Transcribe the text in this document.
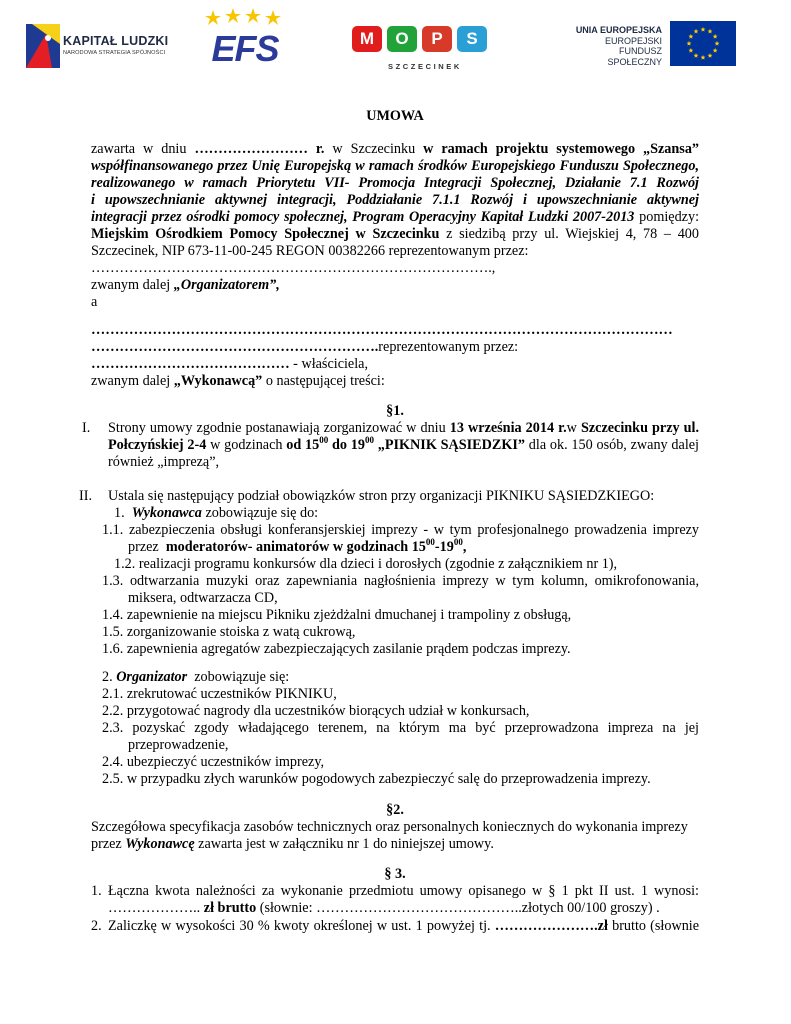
KAPITAŁ LUDZKI
NARODOWA STRATEGIA SPÓJNOŚCI	EFS	M	O	P	S
SZCZECINEK
UNIA EUROPEJSKA
EUROPEJSKI
FUNDUSZ SPOŁECZNY
UMOWA
zawarta w dniu …………………… r. w Szczecinku w ramach projektu systemowego „Szansa”
współfinansowanego przez Unię Europejską w ramach środków Europejskiego Funduszu Społecznego,
realizowanego w ramach Priorytetu VII- Promocja Integracji Społecznej, Działanie 7.1 Rozwój
i upowszechnianie aktywnej integracji, Poddziałanie 7.1.1 Rozwój i upowszechnianie aktywnej
integracji przez ośrodki pomocy społecznej, Program Operacyjny Kapitał Ludzki 2007-2013 pomiędzy:
Miejskim Ośrodkiem Pomocy Społecznej w Szczecinku z siedzibą przy ul. Wiejskiej 4, 78 – 400
Szczecinek, NIP 673-11-00-245 REGON 00382266 reprezentowanym przez:
………………………………………………………………………….,
zwanym dalej „Organizatorem”,
a
……………………………………………………………………………………………………………
…………………………………………………….reprezentowanym przez:
…………………………………… - właściciela,
zwanym dalej „Wykonawcą” o następującej treści:
§1.
I. Strony umowy zgodnie postanawiają zorganizować w dniu 13 września 2014 r.w Szczecinku przy ul.
Połczyńskiej 2-4 w godzinach od $15^{00}$ do $19^{00}$ „PIKNIK SĄSIEDZKI” dla ok. 150 osób, zwany dalej
również „imprezą”,
II. Ustala się następujący podział obowiązków stron przy organizacji PIKNIKU SĄSIEDZKIEGO:
1. Wykonawca zobowiązuje się do:
1.1. zabezpieczenia obsługi konferansjerskiej imprezy - w tym profesjonalnego prowadzenia imprezy
przez moderatorów- animatorów w godzinach $15^{00}-19^{00}$,
1.2. realizacji programu konkursów dla dzieci i dorosłych (zgodnie z załącznikiem nr 1),
1.3. odtwarzania muzyki oraz zapewniania nagłośnienia imprezy w tym kolumn, omikrofonowania,
miksera, odtwarzacza CD,
1.4. zapewnienie na miejscu Pikniku zjeżdżalni dmuchanej i trampoliny z obsługą,
1.5. zorganizowanie stoiska z watą cukrową,
1.6. zapewnienia agregatów zabezpieczających zasilanie prądem podczas imprezy.
2. Organizator zobowiązuje się:
2.1. zrekrutować uczestników PIKNIKU,
2.2. przygotować nagrody dla uczestników biorących udział w konkursach,
2.3. pozyskać zgody władającego terenem, na którym ma być przeprowadzona impreza na jej
przeprowadzenie,
2.4. ubezpieczyć uczestników imprezy,
2.5. w przypadku złych warunków pogodowych zabezpieczyć salę do przeprowadzenia imprezy.
§2.
Szczegółowa specyfikacja zasobów technicznych oraz personalnych koniecznych do wykonania imprezy
przez Wykonawcę zawarta jest w załączniku nr 1 do niniejszej umowy.
§ 3.
1. Łączna kwota należności za wykonanie przedmiotu umowy opisanego w § 1 pkt II ust. 1 wynosi:
……………….. zł brutto (słownie: ……………………………………..złotych 00/100 groszy) .
2. Zaliczkę w wysokości 30 % kwoty określonej w ust. 1 powyżej tj. ………………….zł brutto (słownie
